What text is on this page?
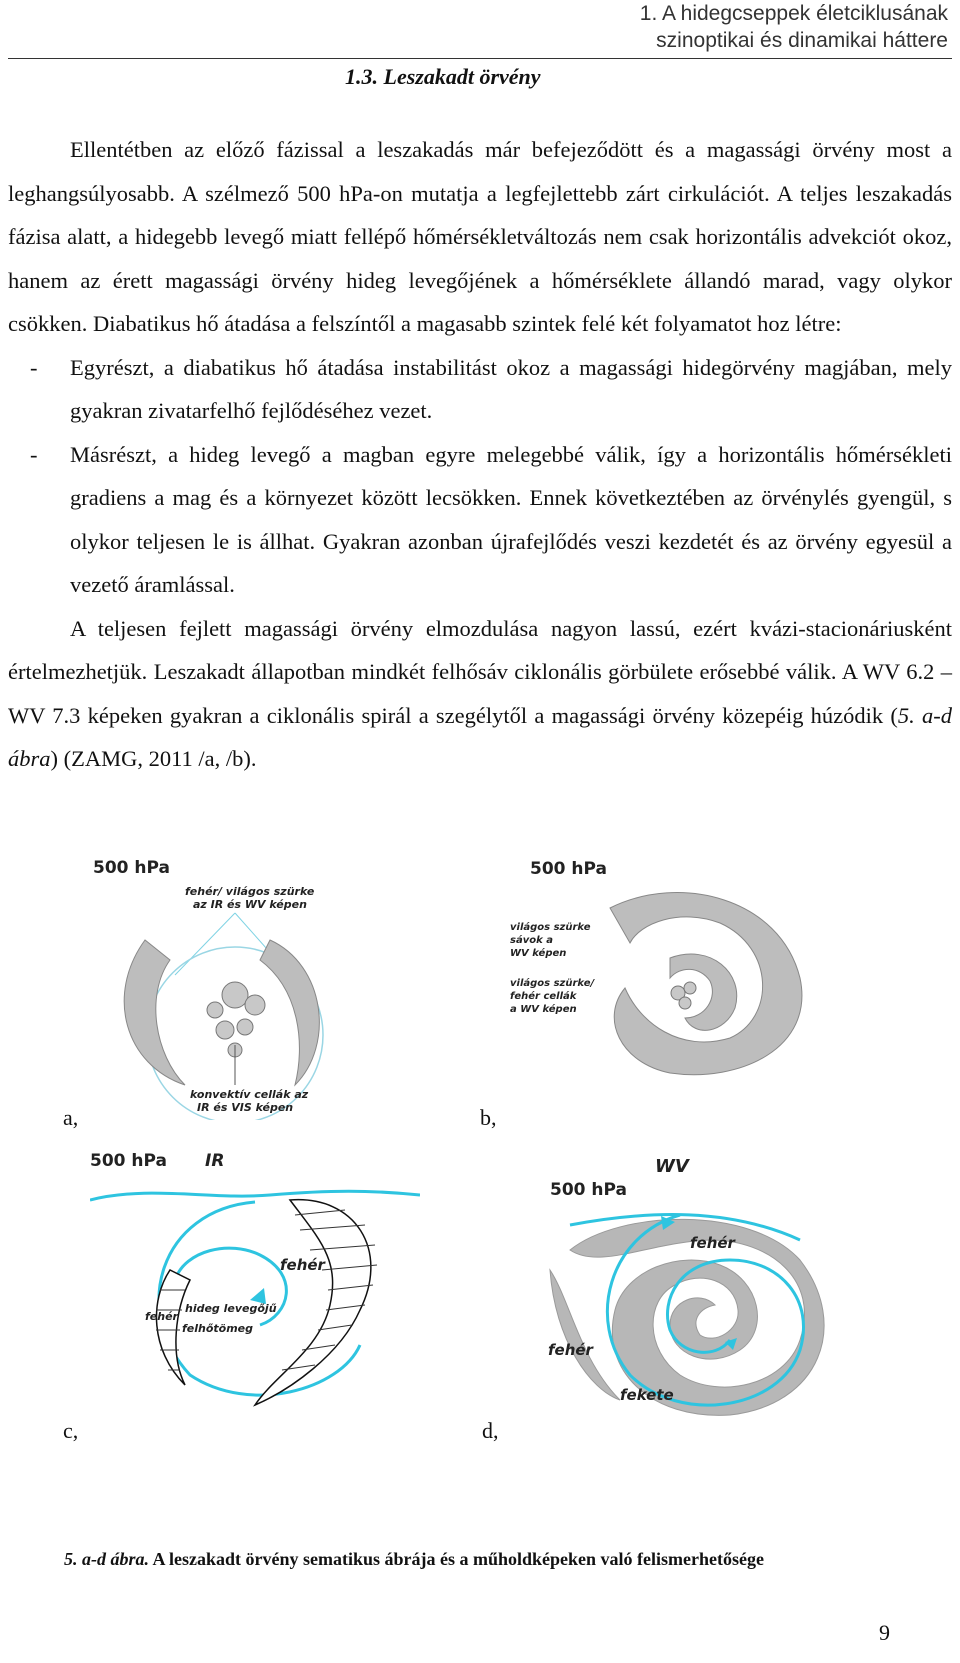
1. A hidegcseppek életciklusának
szinoptikai és dinamikai háttere
1.3. Leszakadt örvény
Ellentétben az előző fázissal a leszakadás már befejeződött és a magassági örvény most a leghangsúlyosabb. A szélmező 500 hPa-on mutatja a legfejlettebb zárt cirkulációt. A teljes leszakadás fázisa alatt, a hidegebb levegő miatt fellépő hőmérsékletváltozás nem csak horizontális advekciót okoz, hanem az érett magassági örvény hideg levegőjének a hőmérséklete állandó marad, vagy olykor csökken. Diabatikus hő átadása a felszíntől a magasabb szintek felé két folyamatot hoz létre:
- Egyrészt, a diabatikus hő átadása instabilitást okoz a magassági hidegörvény magjában, mely gyakran zivatarfelhő fejlődéséhez vezet.
- Másrészt, a hideg levegő a magban egyre melegebbé válik, így a horizontális hőmérsékleti gradiens a mag és a környezet között lecsökken. Ennek következtében az örvénylés gyengül, s olykor teljesen le is állhat. Gyakran azonban újrafejlődés veszi kezdetét és az örvény egyesül a vezető áramlással.
A teljesen fejlett magassági örvény elmozdulása nagyon lassú, ezért kvázi-stacionáriusként értelmezhetjük. Leszakadt állapotban mindkét felhősáv ciklonális görbülete erősebbé válik. A WV 6.2 – WV 7.3 képeken gyakran a ciklonális spirál a szegélytől a magassági örvény közepéig húzódik (5. a-d ábra) (ZAMG, 2011 /a, /b).
500 hPa
fehér/ világos szürke
az IR és WV képen
konvektív cellák az
IR és VIS képen
a,
500 hPa
világos szürke
sávok a
WV képen
világos szürke/
fehér cellák
a WV képen
b,
500 hPa IR
fehér
fehér
hideg levegőjű
felhőtömeg
c,
WV
500 hPa
fehér
fehér
fekete
d,
5. a-d ábra. A leszakadt örvény sematikus ábrája és a műholdképeken való felismerhetősége
9
